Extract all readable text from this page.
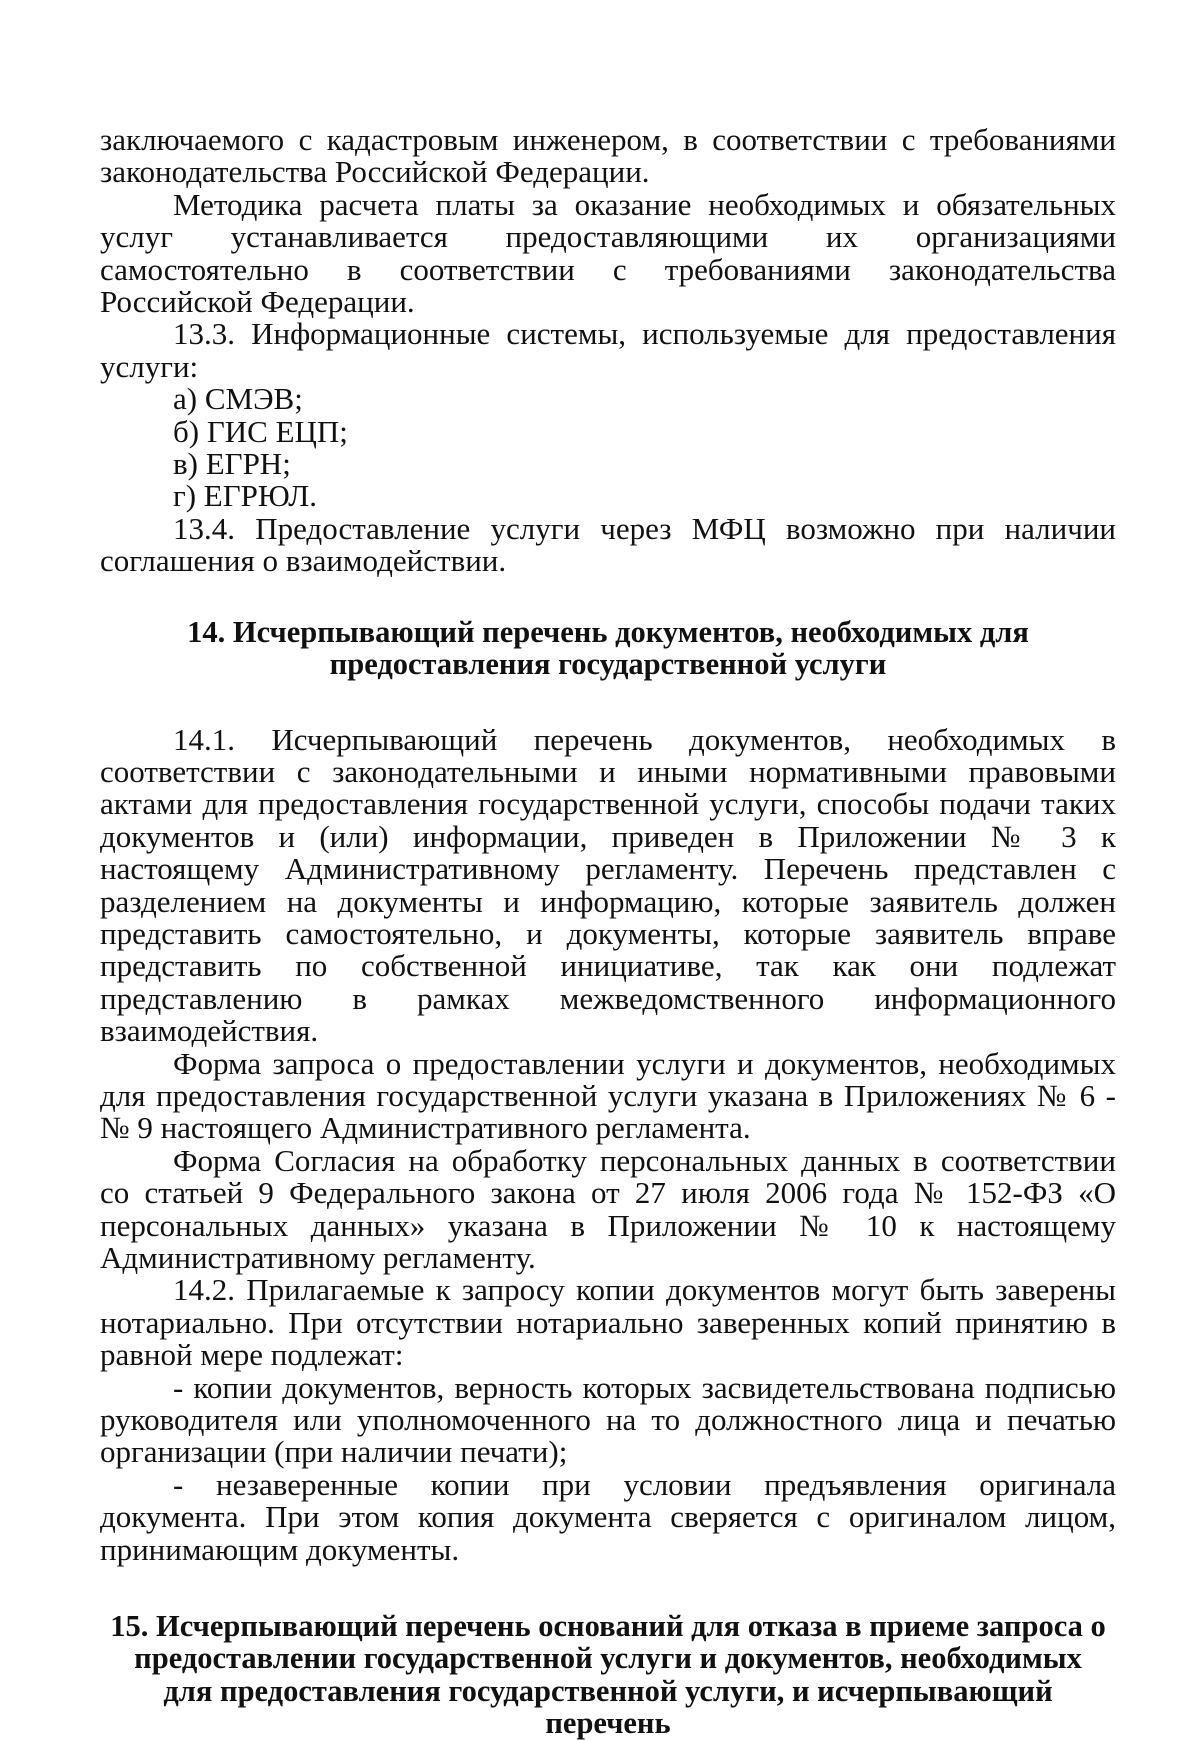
заключаемого с кадастровым инженером, в соответствии с требованиями законодательства Российской Федерации.

Методика расчета платы за оказание необходимых и обязательных услуг устанавливается предоставляющими их организациями самостоятельно в соответствии с требованиями законодательства Российской Федерации.

13.3. Информационные системы, используемые для предоставления услуги:

а) СМЭВ;

б) ГИС ЕЦП;

в) ЕГРН;

г) ЕГРЮЛ.

13.4. Предоставление услуги через МФЦ возможно при наличии соглашения о взаимодействии.

14. Исчерпывающий перечень документов, необходимых для предоставления государственной услуги

14.1. Исчерпывающий перечень документов, необходимых в соответствии с законодательными и иными нормативными правовыми актами для предоставления государственной услуги, способы подачи таких документов и (или) информации, приведен в Приложении № 3 к настоящему Административному регламенту. Перечень представлен с разделением на документы и информацию, которые заявитель должен представить самостоятельно, и документы, которые заявитель вправе представить по собственной инициативе, так как они подлежат представлению в рамках межведомственного информационного взаимодействия.

Форма запроса о предоставлении услуги и документов, необходимых для предоставления государственной услуги указана в Приложениях № 6 - № 9 настоящего Административного регламента.

Форма Согласия на обработку персональных данных в соответствии со статьей 9 Федерального закона от 27 июля 2006 года № 152-ФЗ «О персональных данных» указана в Приложении № 10 к настоящему Административному регламенту.

14.2. Прилагаемые к запросу копии документов могут быть заверены нотариально. При отсутствии нотариально заверенных копий принятию в равной мере подлежат:

- копии документов, верность которых засвидетельствована подписью руководителя или уполномоченного на то должностного лица и печатью организации (при наличии печати);

- незаверенные копии при условии предъявления оригинала документа. При этом копия документа сверяется с оригиналом лицом, принимающим документы.

15. Исчерпывающий перечень оснований для отказа в приеме запроса о предоставлении государственной услуги и документов, необходимых для предоставления государственной услуги, и исчерпывающий перечень
